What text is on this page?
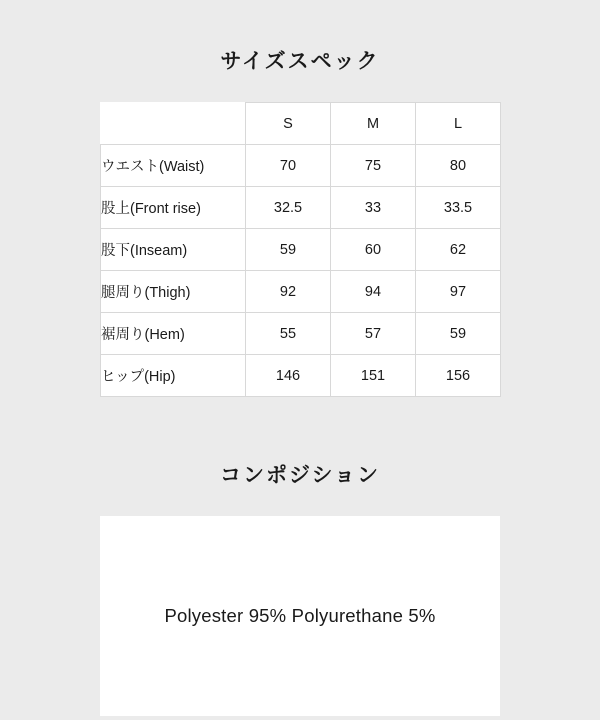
サイズスペック
	S	M	L
ウエスト(Waist)	70	75	80
股上(Front rise)	32.5	33	33.5
股下(Inseam)	59	60	62
腿周り(Thigh)	92	94	97
裾周り(Hem)	55	57	59
ヒップ(Hip)	146	151	156
コンポジション
Polyester 95% Polyurethane 5%
